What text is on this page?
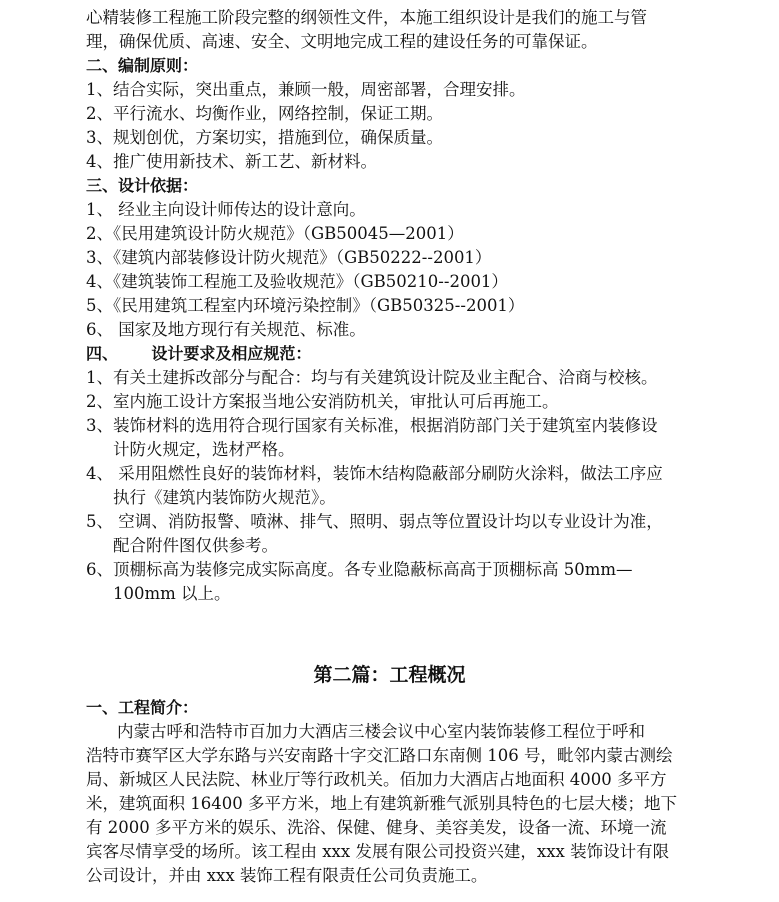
心精装修工程施工阶段完整的纲领性文件，本施工组织设计是我们的施工与管
理，确保优质、高速、安全、文明地完成工程的建设任务的可靠保证。
二、编制原则：
1、结合实际，突出重点，兼顾一般，周密部署，合理安排。
2、平行流水、均衡作业，网络控制，保证工期。
3、规划创优，方案切实，措施到位，确保质量。
4、推广使用新技术、新工艺、新材料。
三、设计依据：
1、 经业主向设计师传达的设计意向。
2、《民用建筑设计防火规范》（GB50045—2001）
3、《建筑内部装修设计防火规范》（GB50222--2001）
4、《建筑装饰工程施工及验收规范》（GB50210--2001）
5、《民用建筑工程室内环境污染控制》（GB50325--2001）
6、 国家及地方现行有关规范、标准。
四、      设计要求及相应规范：
1、有关土建拆改部分与配合：均与有关建筑设计院及业主配合、洽商与校核。
2、室内施工设计方案报当地公安消防机关，审批认可后再施工。
3、装饰材料的选用符合现行国家有关标准，根据消防部门关于建筑室内装修设
计防火规定，选材严格。
4、 采用阻燃性良好的装饰材料，装饰木结构隐蔽部分刷防火涂料，做法工序应
执行《建筑内装饰防火规范》。
5、 空调、消防报警、喷淋、排气、照明、弱点等位置设计均以专业设计为准，
配合附件图仅供参考。
6、顶棚标高为装修完成实际高度。各专业隐蔽标高高于顶棚标高 50mm—
100mm 以上。
第二篇：工程概况
一、工程简介：
内蒙古呼和浩特市百加力大酒店三楼会议中心室内装饰装修工程位于呼和
浩特市赛罕区大学东路与兴安南路十字交汇路口东南侧 106 号，毗邻内蒙古测绘
局、新城区人民法院、林业厅等行政机关。佰加力大酒店占地面积 4000 多平方
米，建筑面积 16400 多平方米，地上有建筑新雅气派别具特色的七层大楼；地下
有 2000 多平方米的娱乐、洗浴、保健、健身、美容美发，设备一流、环境一流
宾客尽情享受的场所。该工程由 xxx 发展有限公司投资兴建，xxx 装饰设计有限
公司设计，并由 xxx 装饰工程有限责任公司负责施工。
